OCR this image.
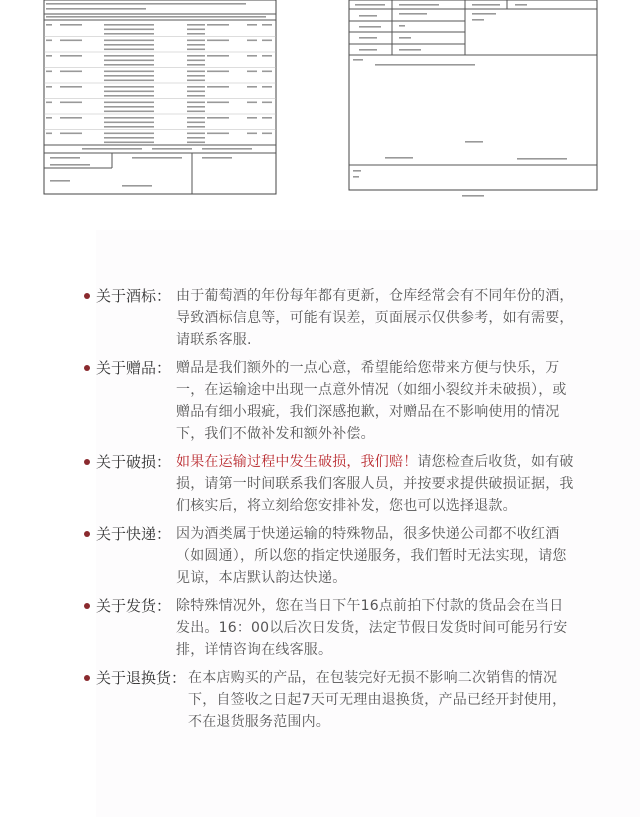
关于酒标： 由于葡萄酒的年份每年都有更新，仓库经常会有不同年份的酒，导致酒标信息等，可能有误差，页面展示仅供参考，如有需要，请联系客服.
关于赠品： 赠品是我们额外的一点心意，希望能给您带来方便与快乐，万一，在运输途中出现一点意外情况（如细小裂纹并未破损），或赠品有细小瑕疵，我们深感抱歉，对赠品在不影响使用的情况下，我们不做补发和额外补偿。
关于破损： 如果在运输过程中发生破损，我们赔！请您检查后收货，如有破损，请第一时间联系我们客服人员，并按要求提供破损证据，我们核实后，将立刻给您安排补发，您也可以选择退款。
关于快递： 因为酒类属于快递运输的特殊物品，很多快递公司都不收红酒（如圆通），所以您的指定快递服务，我们暂时无法实现，请您见谅，本店默认韵达快递。
关于发货： 除特殊情况外，您在当日下午16点前拍下付款的货品会在当日发出。16：00以后次日发货，法定节假日发货时间可能另行安排，详情咨询在线客服。
关于退换货： 在本店购买的产品，在包装完好无损不影响二次销售的情况下，自签收之日起7天可无理由退换货，产品已经开封使用，不在退货服务范围内。
